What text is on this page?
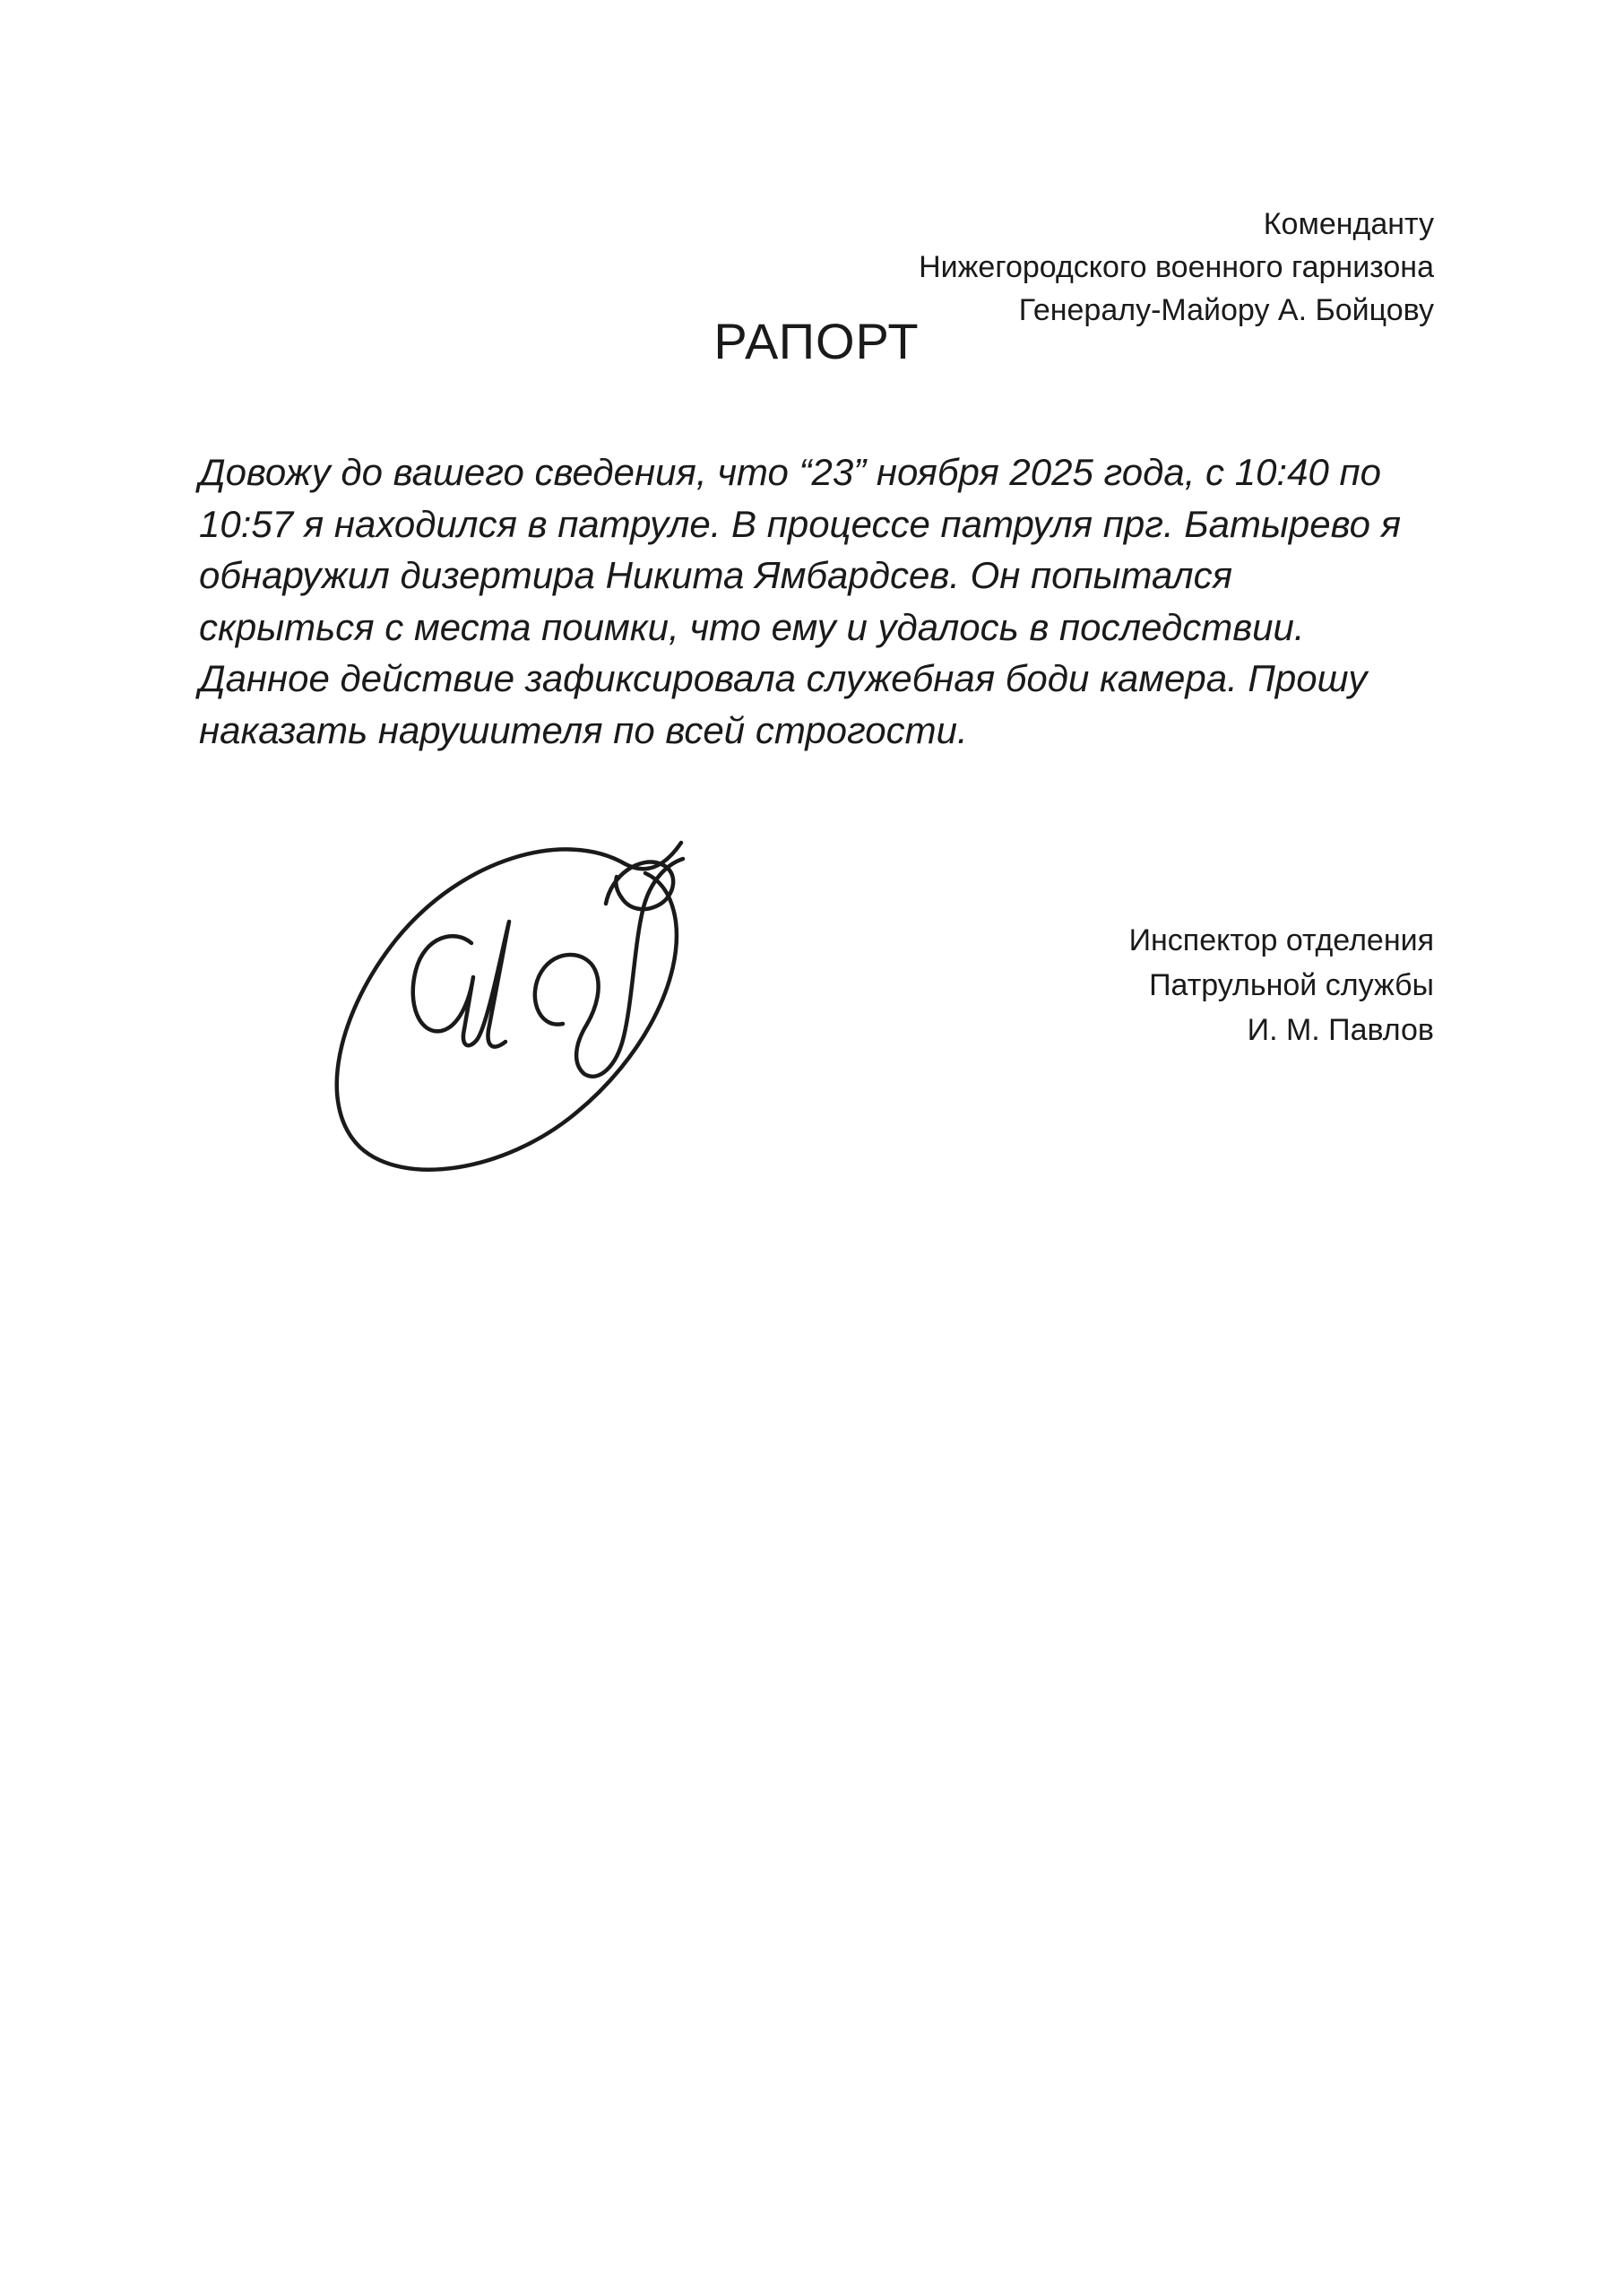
Коменданту
Нижегородского военного гарнизона
Генералу-Майору А. Бойцову
РАПОРТ
Довожу до вашего сведения, что “23” ноября 2025 года, с 10:40 по
10:57 я находился в патруле. В процессе патруля прг. Батырево я
обнаружил дизертира Никита Ямбардсев. Он попытался
скрыться с места поимки, что ему и удалось в последствии.
Данное действие зафиксировала служебная боди камера. Прошу
наказать нарушителя по всей строгости.
Инспектор отделения
Патрульной службы
И. М. Павлов
